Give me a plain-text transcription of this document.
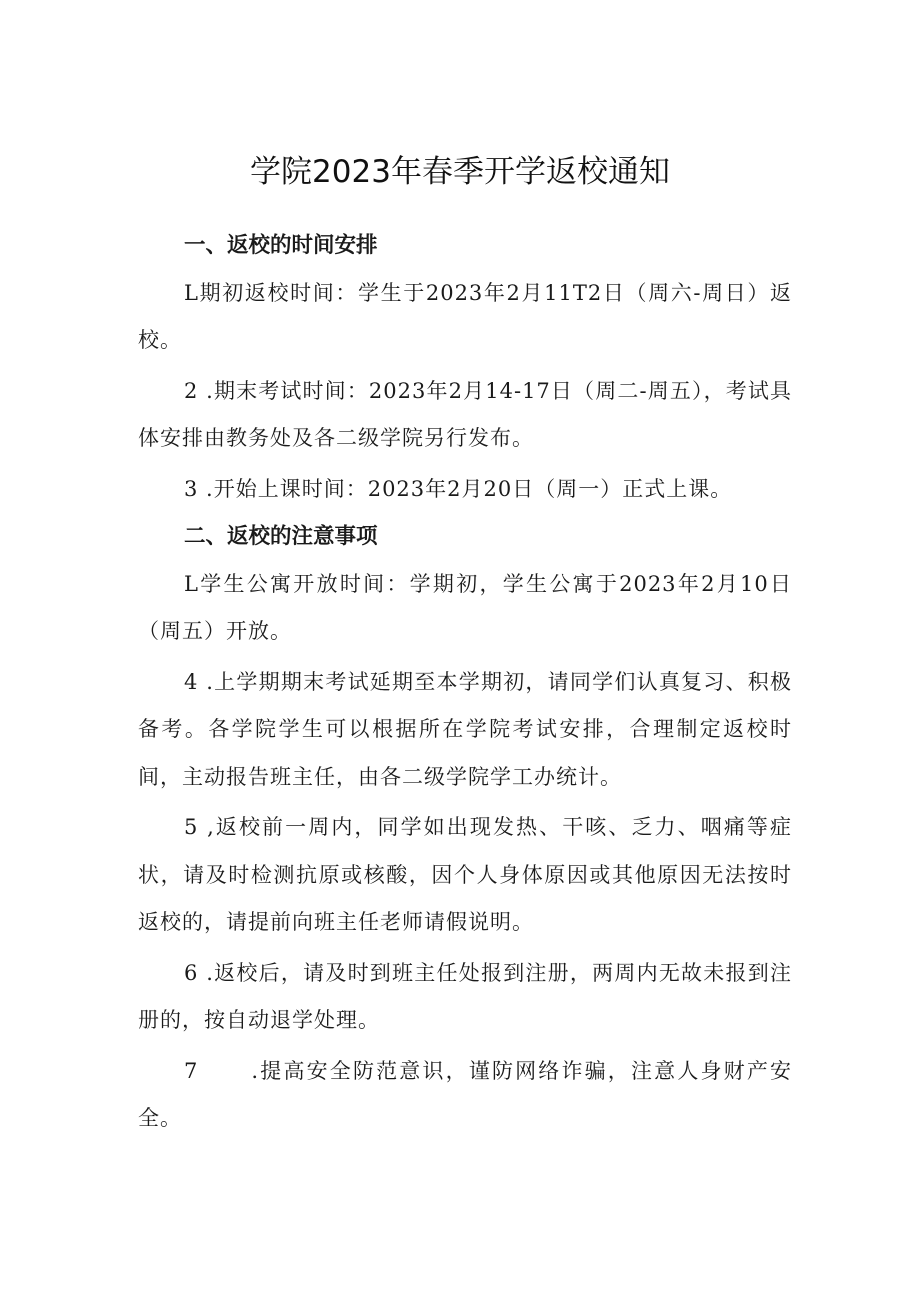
学院2023年春季开学返校通知

一、返校的时间安排

L期初返校时间：学生于2023年2月11T2日（周六-周日）返校。

2 .期末考试时间：2023年2月14-17日（周二-周五），考试具体安排由教务处及各二级学院另行发布。

3 .开始上课时间：2023年2月20日（周一）正式上课。

二、返校的注意事项

L学生公寓开放时间：学期初，学生公寓于2023年2月10日（周五）开放。

4 .上学期期末考试延期至本学期初，请同学们认真复习、积极备考。各学院学生可以根据所在学院考试安排，合理制定返校时间，主动报告班主任，由各二级学院学工办统计。

5 ,返校前一周内，同学如出现发热、干咳、乏力、咽痛等症状，请及时检测抗原或核酸，因个人身体原因或其他原因无法按时返校的，请提前向班主任老师请假说明。

6 .返校后，请及时到班主任处报到注册，两周内无故未报到注册的，按自动退学处理。

7      .提高安全防范意识，谨防网络诈骗，注意人身财产安全。
